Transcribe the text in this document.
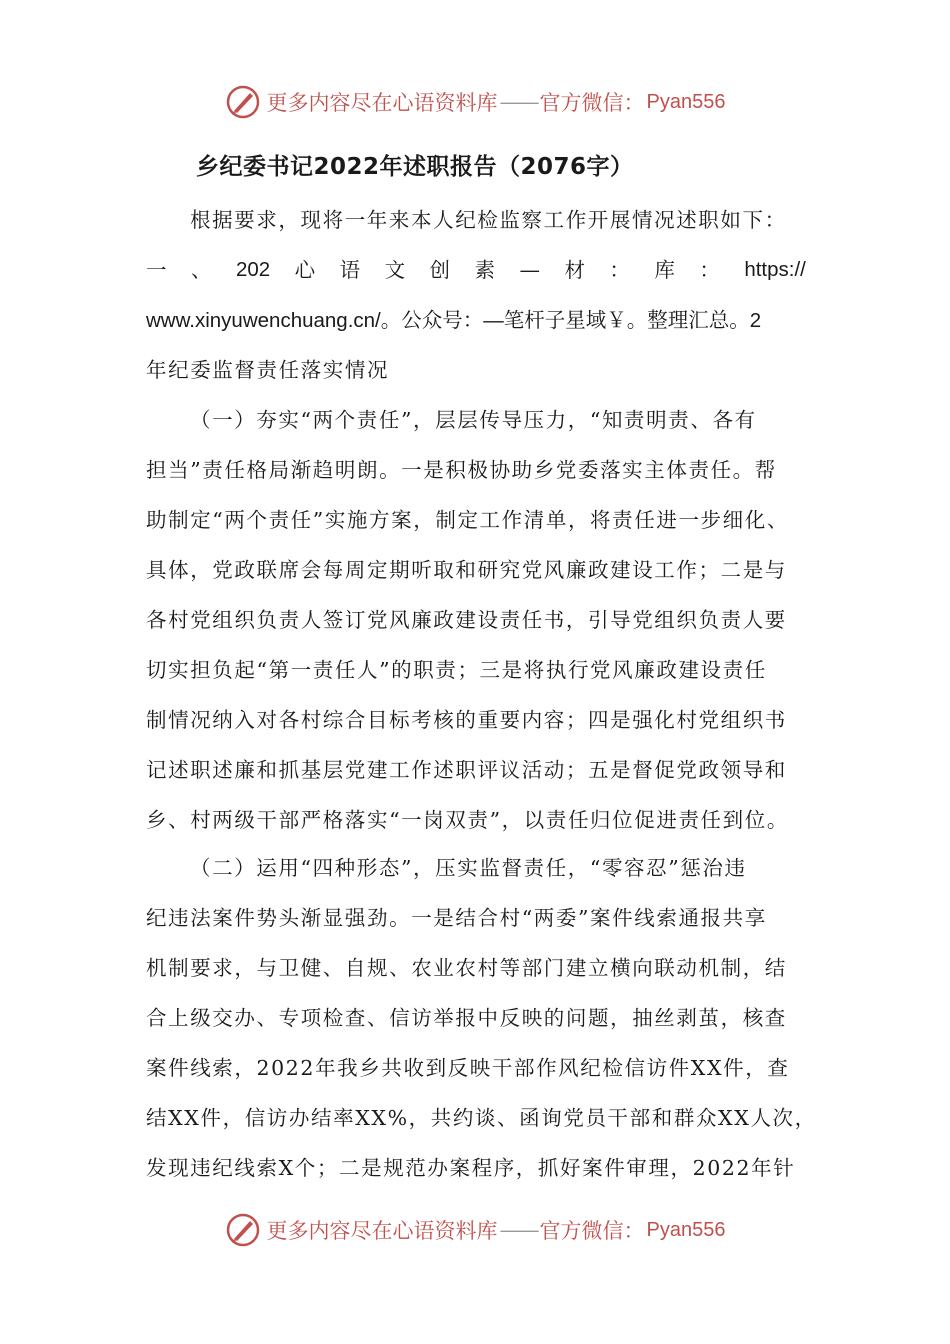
更多内容尽在心语资料库 —— 官方微信： Pyan556
乡纪委书记2022年述职报告（2076字）
根据要求，现将一年来本人纪检监察工作开展情况述职如下：
一 、 202 心 语 文 创 素 — 材 ： 库 ： https://
www.xinyuwenchuang.cn/。公众号：—笔杆子星域￥。整理汇总。2
年纪委监督责任落实情况
（一）夯实“两个责任”，层层传导压力，“知责明责、各有
担当”责任格局渐趋明朗。一是积极协助乡党委落实主体责任。帮
助制定“两个责任”实施方案，制定工作清单，将责任进一步细化、
具体，党政联席会每周定期听取和研究党风廉政建设工作；二是与
各村党组织负责人签订党风廉政建设责任书，引导党组织负责人要
切实担负起“第一责任人”的职责；三是将执行党风廉政建设责任
制情况纳入对各村综合目标考核的重要内容；四是强化村党组织书
记述职述廉和抓基层党建工作述职评议活动；五是督促党政领导和
乡、村两级干部严格落实“一岗双责”，以责任归位促进责任到位。
（二）运用“四种形态”，压实监督责任，“零容忍”惩治违
纪违法案件势头渐显强劲。一是结合村“两委”案件线索通报共享
机制要求，与卫健、自规、农业农村等部门建立横向联动机制，结
合上级交办、专项检查、信访举报中反映的问题，抽丝剥茧，核查
案件线索，2022年我乡共收到反映干部作风纪检信访件XX件，查
结XX件，信访办结率XX%，共约谈、函询党员干部和群众XX人次，
发现违纪线索X个；二是规范办案程序，抓好案件审理，2022年针
更多内容尽在心语资料库 —— 官方微信： Pyan556
